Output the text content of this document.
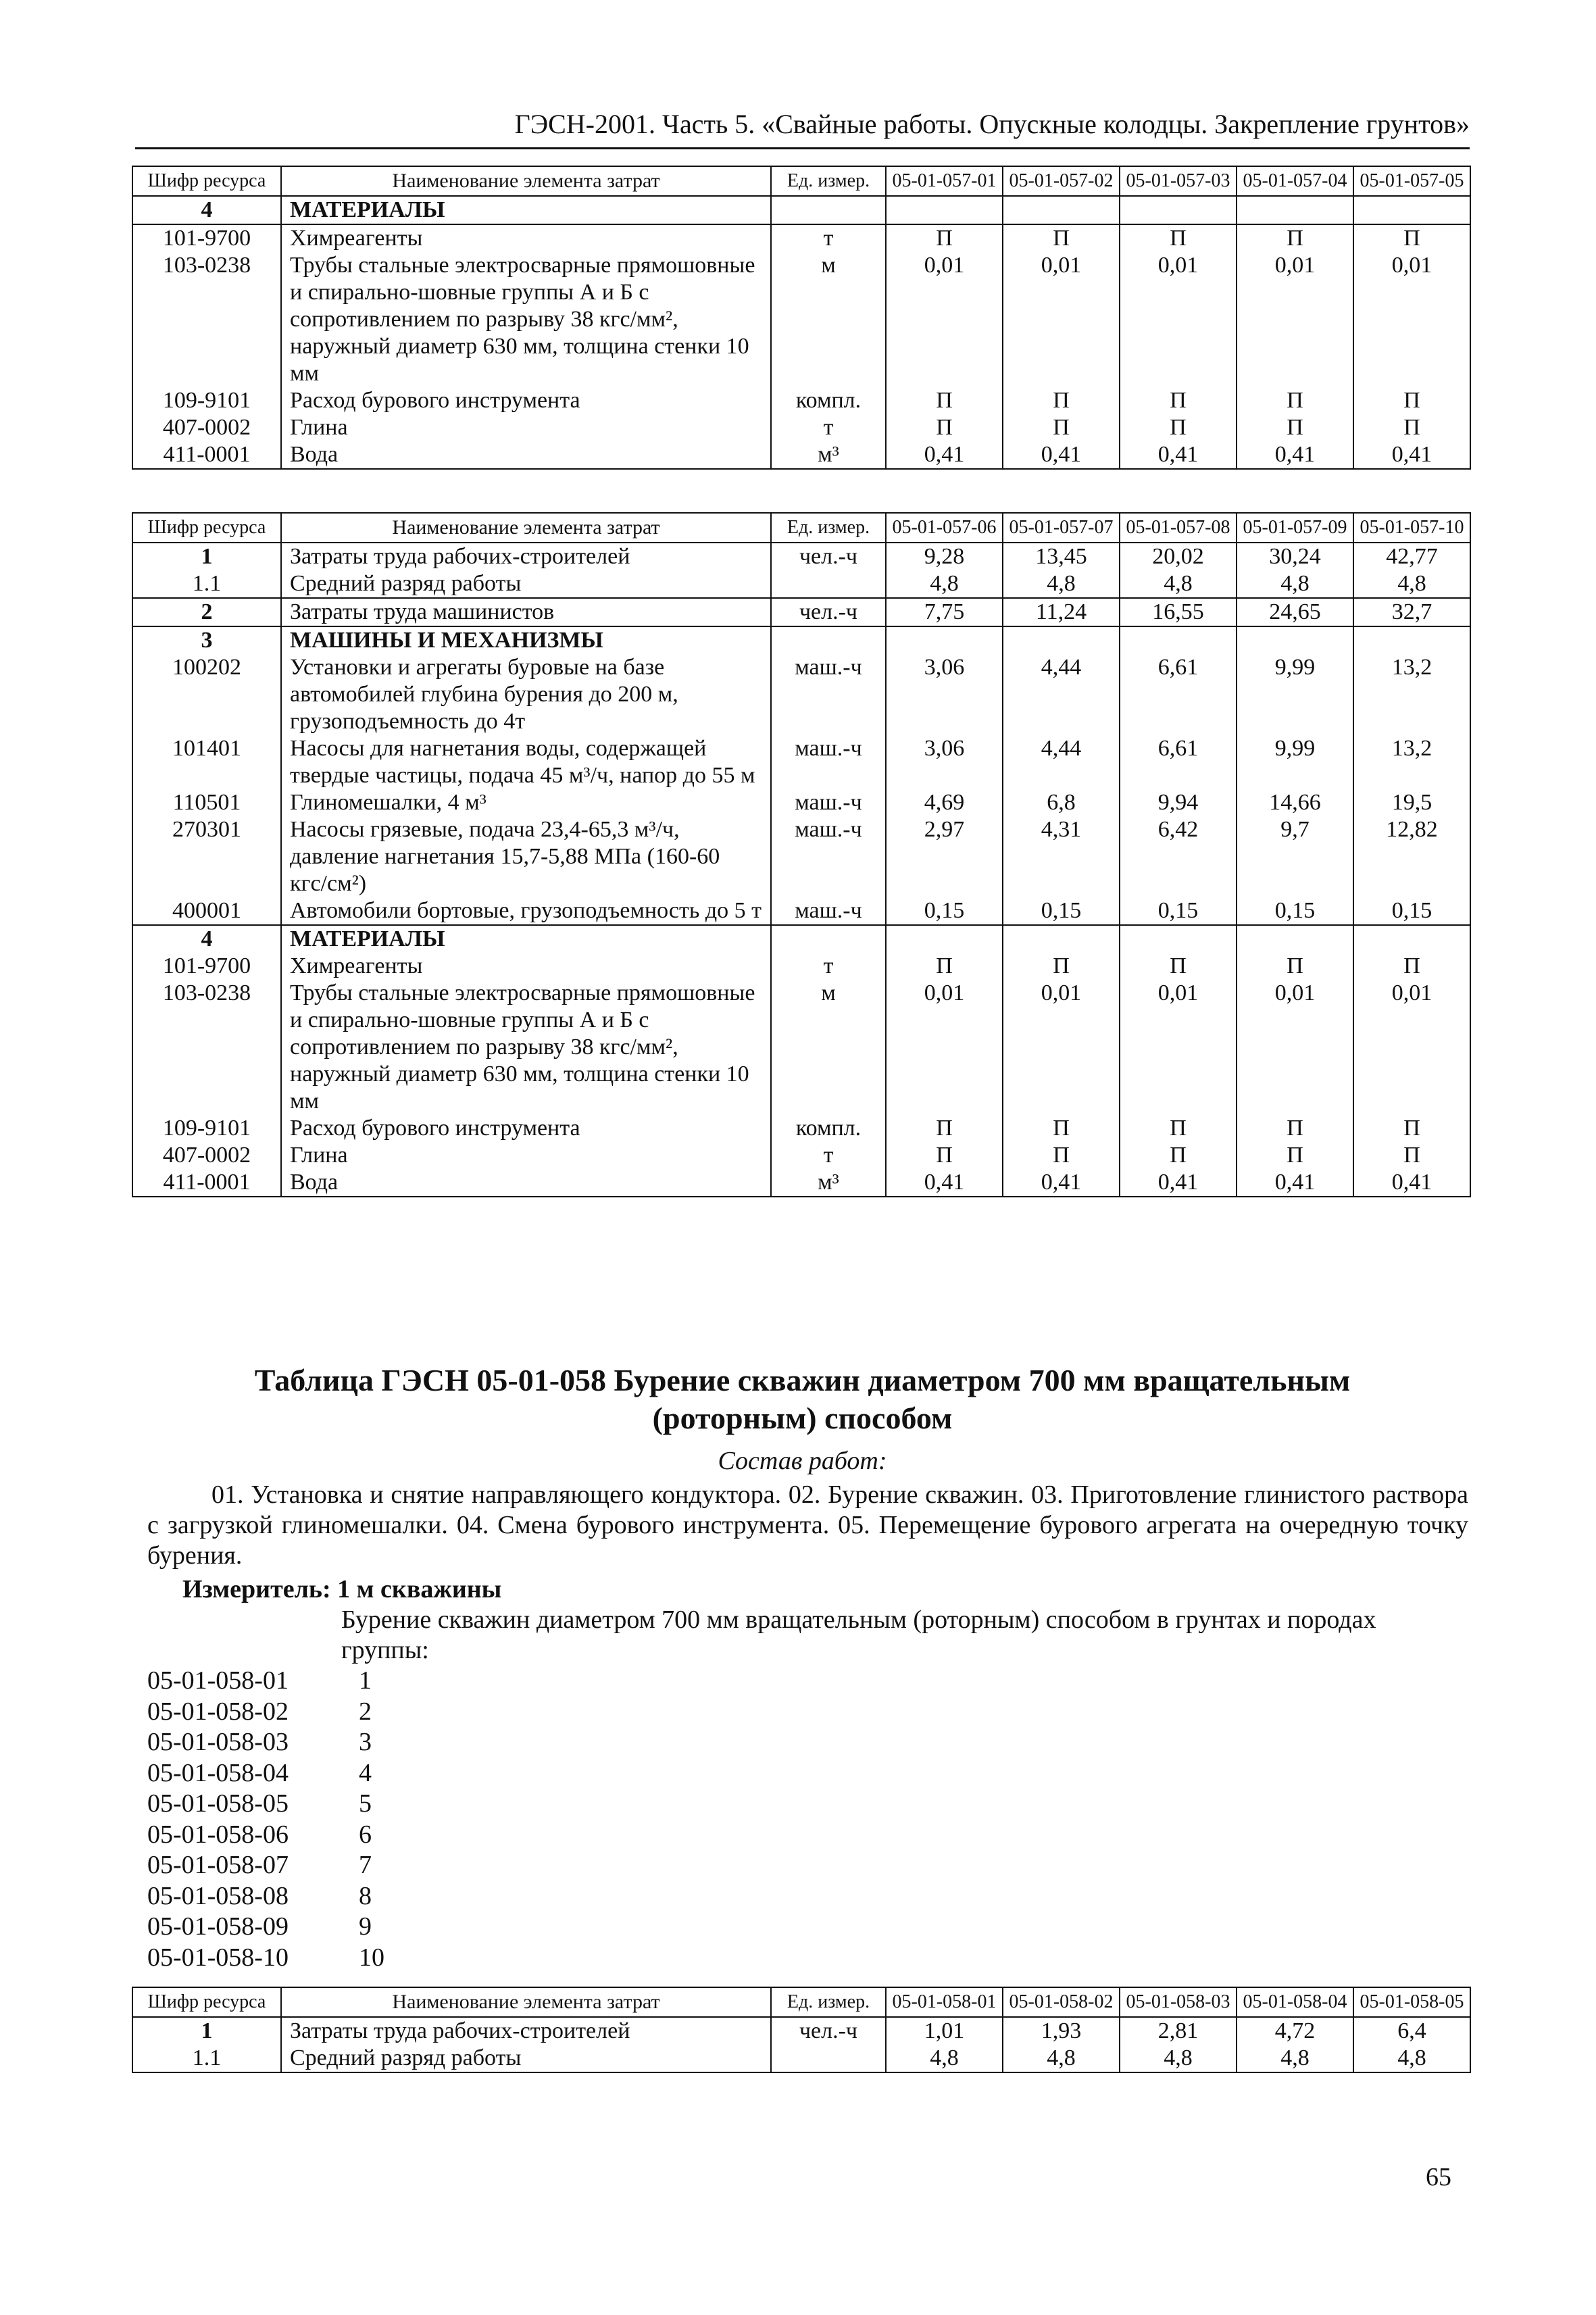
ГЭСН-2001. Часть 5. «Свайные работы. Опускные колодцы. Закрепление грунтов»
Шифр ресурса	Наименование элемента затрат	Ед. измер.	05-01-057-01	05-01-057-02	05-01-057-03	05-01-057-04	05-01-057-05
4	МАТЕРИАЛЫ						
101-9700	Химреагенты	т	П	П	П	П	П
103-0238	Трубы стальные электросварные прямошовные и спирально-шовные группы А и Б с сопротивлением по разрыву 38 кгс/мм², наружный диаметр 630 мм, толщина стенки 10 мм	м	0,01	0,01	0,01	0,01	0,01
109-9101	Расход бурового инструмента	компл.	П	П	П	П	П
407-0002	Глина	т	П	П	П	П	П
411-0001	Вода	м³	0,41	0,41	0,41	0,41	0,41
Шифр ресурса	Наименование элемента затрат	Ед. измер.	05-01-057-06	05-01-057-07	05-01-057-08	05-01-057-09	05-01-057-10
1	Затраты труда рабочих-строителей	чел.-ч	9,28	13,45	20,02	30,24	42,77
1.1	Средний разряд работы		4,8	4,8	4,8	4,8	4,8
2	Затраты труда машинистов	чел.-ч	7,75	11,24	16,55	24,65	32,7
3	МАШИНЫ И МЕХАНИЗМЫ						
100202	Установки и агрегаты буровые на базе автомобилей глубина бурения до 200 м, грузоподъемность до 4т	маш.-ч	3,06	4,44	6,61	9,99	13,2
101401	Насосы для нагнетания воды, содержащей твердые частицы, подача 45 м³/ч, напор до 55 м	маш.-ч	3,06	4,44	6,61	9,99	13,2
110501	Глиномешалки, 4 м³	маш.-ч	4,69	6,8	9,94	14,66	19,5
270301	Насосы грязевые, подача 23,4-65,3 м³/ч, давление нагнетания 15,7-5,88 МПа (160-60 кгс/см²)	маш.-ч	2,97	4,31	6,42	9,7	12,82
400001	Автомобили бортовые, грузоподъемность до 5 т	маш.-ч	0,15	0,15	0,15	0,15	0,15
4	МАТЕРИАЛЫ						
101-9700	Химреагенты	т	П	П	П	П	П
103-0238	Трубы стальные электросварные прямошовные и спирально-шовные группы А и Б с сопротивлением по разрыву 38 кгс/мм², наружный диаметр 630 мм, толщина стенки 10 мм	м	0,01	0,01	0,01	0,01	0,01
109-9101	Расход бурового инструмента	компл.	П	П	П	П	П
407-0002	Глина	т	П	П	П	П	П
411-0001	Вода	м³	0,41	0,41	0,41	0,41	0,41
Таблица ГЭСН 05-01-058 Бурение скважин диаметром 700 мм вращательным
(роторным) способом
Состав работ:
01. Установка и снятие направляющего кондуктора. 02. Бурение скважин. 03. Приготовление глинистого раствора с загрузкой глиномешалки. 04. Смена бурового инструмента. 05. Перемещение бурового агрегата на очередную точку бурения.
Измеритель: 1 м скважины
Бурение скважин диаметром 700 мм вращательным (роторным) способом в грунтах и породах группы:
05-01-058-01	1
05-01-058-02	2
05-01-058-03	3
05-01-058-04	4
05-01-058-05	5
05-01-058-06	6
05-01-058-07	7
05-01-058-08	8
05-01-058-09	9
05-01-058-10	10
Шифр ресурса	Наименование элемента затрат	Ед. измер.	05-01-058-01	05-01-058-02	05-01-058-03	05-01-058-04	05-01-058-05
1	Затраты труда рабочих-строителей	чел.-ч	1,01	1,93	2,81	4,72	6,4
1.1	Средний разряд работы		4,8	4,8	4,8	4,8	4,8
65
